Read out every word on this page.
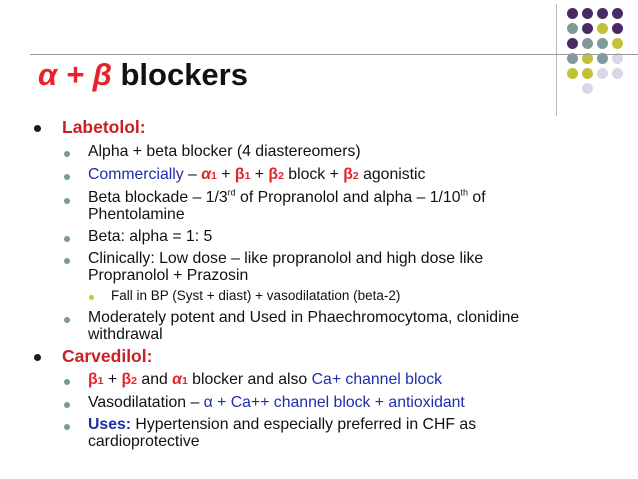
α + β blockers
Labetolol:
Alpha + beta blocker (4 diastereomers)
Commercially – α1 + β1 + β2 block + β2 agonistic
Beta blockade – 1/3rd of Propranolol and alpha – 1/10th of
Phentolamine
Beta: alpha = 1: 5
Clinically: Low dose – like propranolol and high dose like
Propranolol + Prazosin
Fall in BP (Syst + diast) + vasodilatation (beta-2)
Moderately potent and Used in Phaechromocytoma, clonidine
withdrawal
Carvedilol:
β1 + β2 and α1 blocker and also Ca+ channel block
Vasodilatation – α + Ca++ channel block + antioxidant
Uses: Hypertension and especially preferred in CHF as
cardioprotective
